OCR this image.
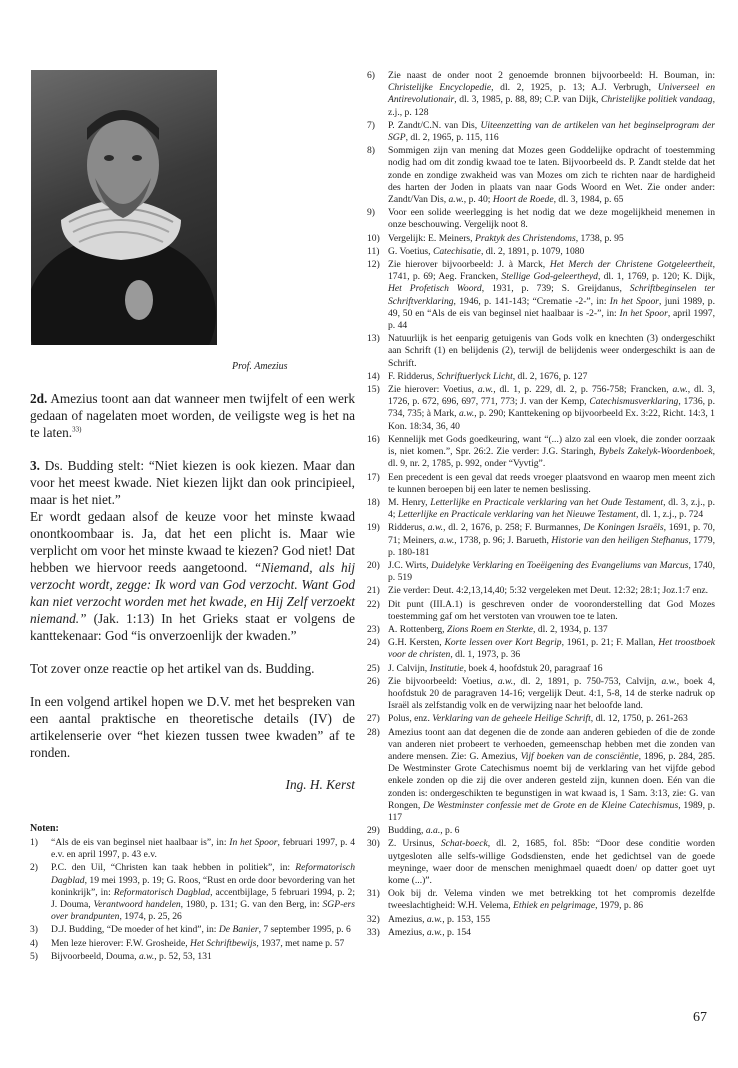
Prof. Amezius

2d. Amezius toont aan dat wanneer men twijfelt of een werk gedaan of nagelaten moet worden, de veiligste weg is het na te laten.$^{33)}$

3. Ds. Budding stelt: “Niet kiezen is ook kiezen. Maar dan voor het meest kwade. Niet kiezen lijkt dan ook principieel, maar is het niet.”

Er wordt gedaan alsof de keuze voor het minste kwaad onontkoombaar is. Ja, dat het een plicht is. Maar wie verplicht om voor het minste kwaad te kiezen? God niet! Dat hebben we hiervoor reeds aangetoond. “Niemand, als hij verzocht wordt, zegge: Ik word van God verzocht. Want God kan niet verzocht worden met het kwade, en Hij Zelf verzoekt niemand.” (Jak. 1:13) In het Grieks staat er volgens de kanttekenaar: God “is onverzoenlijk der kwaden.”

Tot zover onze reactie op het artikel van ds. Budding.

In een volgend artikel hopen we D.V. met het bespreken van een aantal praktische en theoretische details (IV) de artikelenserie over “het kiezen tussen twee kwaden” af te ronden.

Ing. H. Kerst

Noten:
1) “Als de eis van beginsel niet haalbaar is”, in: In het Spoor, februari 1997, p. 4 e.v. en april 1997, p. 43 e.v.
2) P.C. den Uil, “Christen kan taak hebben in politiek”, in: Reformatorisch Dagblad, 19 mei 1993, p. 19; G. Roos, “Rust en orde door bevordering van het koninkrijk”, in: Reformatorisch Dagblad, accentbijlage, 5 februari 1994, p. 2; J. Douma, Verantwoord handelen, 1980, p. 131; G. van den Berg, in: SGP-ers over brandpunten, 1974, p. 25, 26
3) D.J. Budding, “De moeder of het kind”, in: De Banier, 7 september 1995, p. 6
4) Men leze hierover: F.W. Grosheide, Het Schriftbewijs, 1937, met name p. 57
5) Bijvoorbeeld, Douma, a.w., p. 52, 53, 131
6) Zie naast de onder noot 2 genoemde bronnen bijvoorbeeld: H. Bouman, in: Christelijke Encyclopedie, dl. 2, 1925, p. 13; A.J. Verbrugh, Universeel en Antirevolutionair, dl. 3, 1985, p. 88, 89; C.P. van Dijk, Christelijke politiek vandaag, z.j., p. 128
7) P. Zandt/C.N. van Dis, Uiteenzetting van de artikelen van het beginselprogram der SGP, dl. 2, 1965, p. 115, 116
8) Sommigen zijn van mening dat Mozes geen Goddelijke opdracht of toestemming nodig had om dit zondig kwaad toe te laten. Bijvoorbeeld ds. P. Zandt stelde dat het zonde en zondige zwakheid was van Mozes om zich te richten naar de hardigheid des harten der Joden in plaats van naar Gods Woord en Wet. Zie onder ander: Zandt/Van Dis, a.w., p. 40; Hoort de Roede, dl. 3, 1984, p. 65
9) Voor een solide weerlegging is het nodig dat we deze mogelijkheid menemen in onze beschouwing. Vergelijk noot 8.
10) Vergelijk: E. Meiners, Praktyk des Christendoms, 1738, p. 95
11) G. Voetius, Catechisatie, dl. 2, 1891, p. 1079, 1080
12) Zie hierover bijvoorbeeld: J. à Marck, Het Merch der Christene Gotgeleertheit, 1741, p. 69; Aeg. Francken, Stellige God-geleertheyd, dl. 1, 1769, p. 120; K. Dijk, Het Profetisch Woord, 1931, p. 739; S. Greijdanus, Schriftbeginselen ter Schriftverklaring, 1946, p. 141-143; “Crematie -2-”, in: In het Spoor, juni 1989, p. 49, 50 en “Als de eis van beginsel niet haalbaar is -2-”, in: In het Spoor, april 1997, p. 44
13) Natuurlijk is het eenparig getuigenis van Gods volk en knechten (3) ondergeschikt aan Schrift (1) en belijdenis (2), terwijl de belijdenis weer ondergeschikt is aan de Schrift.
14) F. Ridderus, Schriftuerlyck Licht, dl. 2, 1676, p. 127
15) Zie hierover: Voetius, a.w., dl. 1, p. 229, dl. 2, p. 756-758; Francken, a.w., dl. 3, 1726, p. 672, 696, 697, 771, 773; J. van der Kemp, Catechismusverklaring, 1736, p. 734, 735; à Mark, a.w., p. 290; Kanttekening op bijvoorbeeld Ex. 3:22, Richt. 14:3, 1 Kon. 18:34, 36, 40
16) Kennelijk met Gods goedkeuring, want “(...) alzo zal een vloek, die zonder oorzaak is, niet komen.”, Spr. 26:2. Zie verder: J.G. Staringh, Bybels Zakelyk-Woordenboek, dl. 9, nr. 2, 1785, p. 992, onder “Vyvtig”.
17) Een precedent is een geval dat reeds vroeger plaatsvond en waarop men meent zich te kunnen beroepen bij een later te nemen beslissing.
18) M. Henry, Letterlijke en Practicale verklaring van het Oude Testament, dl. 3, z.j., p. 4; Letterlijke en Practicale verklaring van het Nieuwe Testament, dl. 1, z.j., p. 724
19) Ridderus, a.w., dl. 2, 1676, p. 258; F. Burmannes, De Koningen Israëls, 1691, p. 70, 71; Meiners, a.w., 1738, p. 96; J. Barueth, Historie van den heiligen Stefhanus, 1779, p. 180-181
20) J.C. Wirts, Duidelyke Verklaring en Toeëigening des Evangeliums van Marcus, 1740, p. 519
21) Zie verder: Deut. 4:2,13,14,40; 5:32 vergeleken met Deut. 12:32; 28:1; Joz.1:7 enz.
22) Dit punt (III.A.1) is geschreven onder de vooronderstelling dat God Mozes toestemming gaf om het verstoten van vrouwen toe te laten.
23) A. Rottenberg, Zions Roem en Sterkte, dl. 2, 1934, p. 137
24) G.H. Kersten, Korte lessen over Kort Begrip, 1961, p. 21; F. Mallan, Het troostboek voor de christen, dl. 1, 1973, p. 36
25) J. Calvijn, Institutie, boek 4, hoofdstuk 20, paragraaf 16
26) Zie bijvoorbeeld: Voetius, a.w., dl. 2, 1891, p. 750-753, Calvijn, a.w., boek 4, hoofdstuk 20 de paragraven 14-16; vergelijk Deut. 4:1, 5-8, 14 de sterke nadruk op Israël als zelfstandig volk en de verwijzing naar het beloofde land.
27) Polus, enz. Verklaring van de geheele Heilige Schrift, dl. 12, 1750, p. 261-263
28) Amezius toont aan dat degenen die de zonde aan anderen gebieden of die de zonde van anderen niet probeert te verhoeden, gemeenschap hebben met die zonden van andere mensen. Zie: G. Amezius, Vijf boeken van de consciëntie, 1896, p. 284, 285. De Westminster Grote Catechismus noemt bij de verklaring van het vijfde gebod enkele zonden op die zij die over anderen gesteld zijn, kunnen doen. Eén van die zonden is: ondergeschikten te begunstigen in wat kwaad is, 1 Sam. 3:13, zie: G. van Rongen, De Westminster confessie met de Grote en de Kleine Catechismus, 1989, p. 117
29) Budding, a.a., p. 6
30) Z. Ursinus, Schat-boeck, dl. 2, 1685, fol. 85b: “Door dese conditie worden uytgesloten alle selfs-willige Godsdiensten, ende het gedichtsel van de goede meyninge, waer door de menschen menighmael quaedt doen/ op datter goet uyt kome (...)”.
31) Ook bij dr. Velema vinden we met betrekking tot het compromis dezelfde tweeslachtigheid: W.H. Velema, Ethiek en pelgrimage, 1979, p. 86
32) Amezius, a.w., p. 153, 155
33) Amezius, a.w., p. 154
67
